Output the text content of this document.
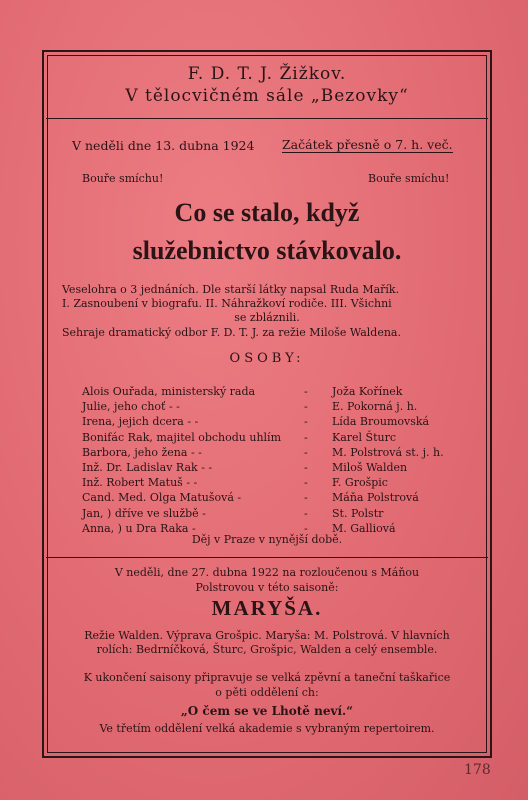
F. D. T. J. Žižkov.
V tělocvičném sále „Bezovky“
V neděli dne 13. dubna 1924 Začátek přesně o 7. h. več.
Bouře smíchu!	Bouře smíchu!
Co se stalo, když
služebnictvo stávkovalo.
Veselohra o 3 jednáních. Dle starší látky napsal Ruda Mařík.
I. Zasnoubení v biografu. II. Náhražkoví rodiče. III. Všichni
se zbláznili.
Sehraje dramatický odbor F. D. T. J. za režie Miloše Waldena.
OSOBY:
Alois Ouřada, ministerský rada	- Joža Kořínek
Julie, jeho choť - -	- E. Pokorná j. h.
Irena, jejich dcera - -	- Lída Broumovská
Bonifác Rak, majitel obchodu uhlím - Karel Šturc
Barbora, jeho žena - -	- M. Polstrová st. j. h.
Inž. Dr. Ladislav Rak - -	- Miloš Walden
Inž. Robert Matuš - -	- F. Grošpic
Cand. Med. Olga Matušová -	- Máňa Polstrová
Jan, ) dříve ve službě -	- St. Polstr
Anna, ) u Dra Raka -	- M. Galliová
Děj v Praze v nynější době.
V neděli, dne 27. dubna 1922 na rozloučenou s Máňou
Polstrovou v této saisoně:
MARYŠA.
Režie Walden. Výprava Grošpic. Maryša: M. Polstrová. V hlavních
rolích: Bedrníčková, Šturc, Grošpic, Walden a celý ensemble.
K ukončení saisony připravuje se velká zpěvní a taneční taškařice
o pěti oddělení ch:
„O čem se ve Lhotě neví.“
Ve třetím oddělení velká akademie s vybraným repertoirem.
178
